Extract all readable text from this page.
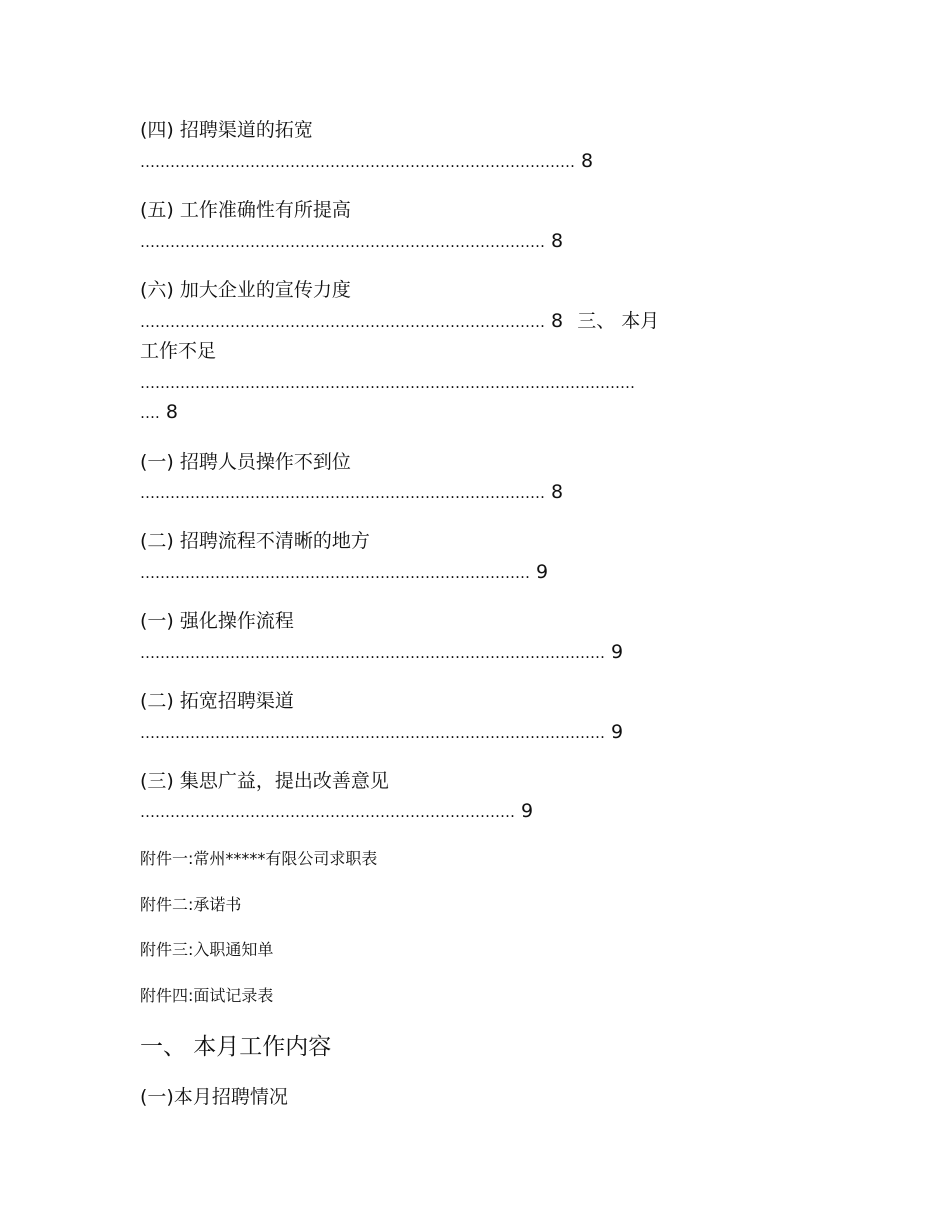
(四) 招聘渠道的拓宽
…………………………………………………………………………… 8
(五) 工作准确性有所提高
……………………………………………………………………… 8
(六) 加大企业的宣传力度
……………………………………………………………………… 8 三、 本月
工作不足
………………………………………………………………………………………
…. 8
(一) 招聘人员操作不到位
……………………………………………………………………… 8
(二) 招聘流程不清晰的地方
…………………………………………………………………… 9
(一) 强化操作流程
………………………………………………………………………………… 9
(二) 拓宽招聘渠道
………………………………………………………………………………… 9
(三) 集思广益，提出改善意见
………………………………………………………………… 9
附件一:常州*****有限公司求职表
附件二:承诺书
附件三:入职通知单
附件四:面试记录表
一、 本月工作内容
(一)本月招聘情况
